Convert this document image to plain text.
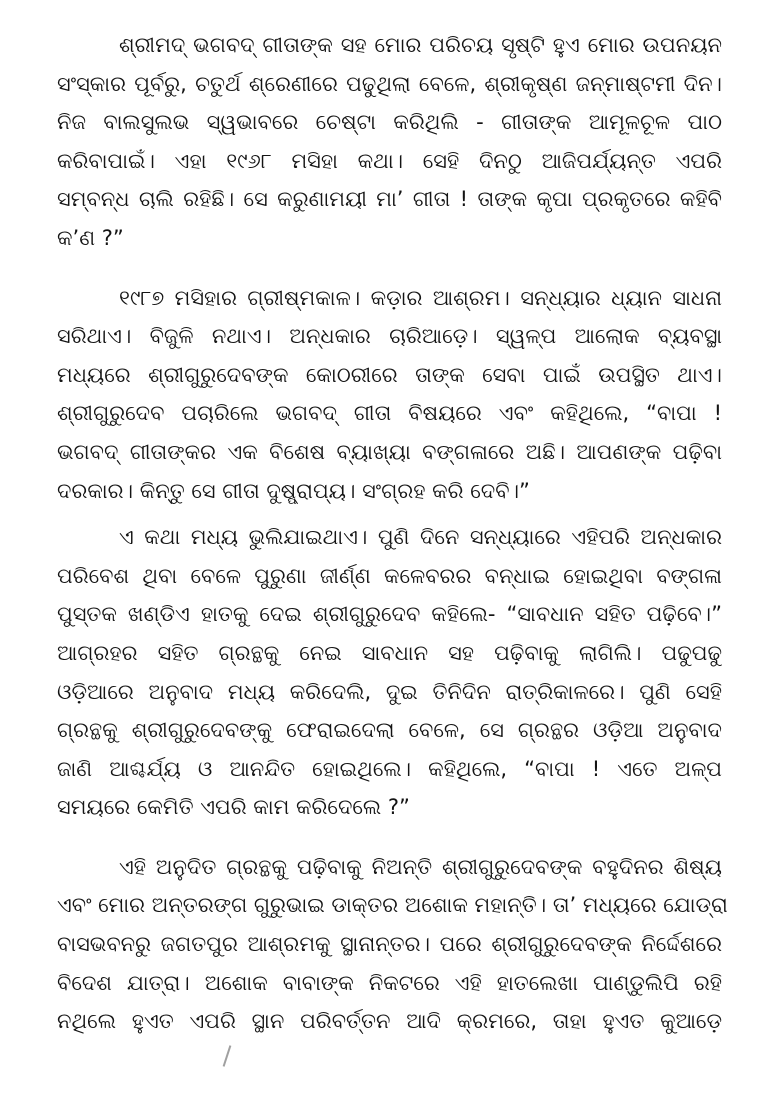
ଶ୍ରୀମଦ୍ ଭଗବଦ୍ ଗୀତାଙ୍କ ସହ ମୋର ପରିଚୟ ସୃଷ୍ଟି ହୁଏ ମୋର ଉପନୟନ
ସଂସ୍କାର ପୂର୍ବରୁ, ଚତୁର୍ଥ ଶ୍ରେଣୀରେ ପଢୁଥିଲା ବେଳେ, ଶ୍ରୀକୃଷ୍ଣ ଜନ୍ମାଷ୍ଟମୀ ଦିନ।
ନିଜ ବାଲସୁଲଭ ସ୍ୱଭାବରେ ଚେଷ୍ଟା କରିଥିଲି - ଗୀତାଙ୍କ ଆମୂଳଚୂଳ ପାଠ
କରିବାପାଇଁ। ଏହା ୧୯୬୮ ମସିହା କଥା। ସେହି ଦିନଠୁ ଆଜିପର୍ଯ୍ୟନ୍ତ ଏପରି
ସମ୍ବନ୍ଧ ଚାଲି ରହିଛି। ସେ କରୁଣାମୟୀ ମା’ ଗୀତା ! ତାଙ୍କ କୃପା ପ୍ରକୃତରେ କହିବି
କ’ଣ ?”

୧୯୮୭ ମସିହାର ଗ୍ରୀଷ୍ମକାଳ। କଡ଼ାର ଆଶ୍ରମ। ସନ୍ଧ୍ୟାର ଧ୍ୟାନ ସାଧନା
ସରିଥାଏ। ବିଜୁଳି ନଥାଏ। ଅନ୍ଧକାର ଚାରିଆଡ଼େ। ସ୍ୱଳ୍ପ ଆଲୋକ ବ୍ୟବସ୍ଥା
ମଧ୍ୟରେ ଶ୍ରୀଗୁରୁଦେବଙ୍କ କୋଠରୀରେ ତାଙ୍କ ସେବା ପାଇଁ ଉପସ୍ଥିତ ଥାଏ।
ଶ୍ରୀଗୁରୁଦେବ ପଚାରିଲେ ଭଗବଦ୍ ଗୀତା ବିଷୟରେ ଏବଂ କହିଥିଲେ, “ବାପା !
ଭଗବଦ୍ ଗୀତାଙ୍କର ଏକ ବିଶେଷ ବ୍ୟାଖ୍ୟା ବଙ୍ଗଳାରେ ଅଛି। ଆପଣଙ୍କ ପଢ଼ିବା
ଦରକାର। କିନ୍ତୁ ସେ ଗୀତା ଦୁଷ୍ପ୍ରାପ୍ୟ। ସଂଗ୍ରହ କରି ଦେବି।”

ଏ କଥା ମଧ୍ୟ ଭୁଲିଯାଇଥାଏ। ପୁଣି ଦିନେ ସନ୍ଧ୍ୟାରେ ଏହିପରି ଅନ୍ଧକାର
ପରିବେଶ ଥିବା ବେଳେ ପୁରୁଣା ଜୀର୍ଣ୍ଣ କଳେବରର ବନ୍ଧାଇ ହୋଇଥିବା ବଙ୍ଗଳା
ପୁସ୍ତକ ଖଣ୍ଡିଏ ହାତକୁ ଦେଇ ଶ୍ରୀଗୁରୁଦେବ କହିଲେ- “ସାବଧାନ ସହିତ ପଢ଼ିବେ।”
ଆଗ୍ରହର ସହିତ ଗ୍ରନ୍ଥକୁ ନେଇ ସାବଧାନ ସହ ପଢ଼ିବାକୁ ଲାଗିଲି। ପଢୁପଢୁ
ଓଡ଼ିଆରେ ଅନୁବାଦ ମଧ୍ୟ କରିଦେଲି, ଦୁଇ ତିନିଦିନ ରାତ୍ରିକାଳରେ। ପୁଣି ସେହି
ଗ୍ରନ୍ଥକୁ ଶ୍ରୀଗୁରୁଦେବଙ୍କୁ ଫେରାଇଦେଲା ବେଳେ, ସେ ଗ୍ରନ୍ଥର ଓଡ଼ିଆ ଅନୁବାଦ
ଜାଣି ଆଶ୍ଚର୍ଯ୍ୟ ଓ ଆନନ୍ଦିତ ହୋଇଥିଲେ। କହିଥିଲେ, “ବାପା ! ଏତେ ଅଳ୍ପ
ସମୟରେ କେମିତି ଏପରି କାମ କରିଦେଲେ ?”

ଏହି ଅନୁଦିତ ଗ୍ରନ୍ଥକୁ ପଢ଼ିବାକୁ ନିଅନ୍ତି ଶ୍ରୀଗୁରୁଦେବଙ୍କ ବହୁଦିନର ଶିଷ୍ୟ
ଏବଂ ମୋର ଅନ୍ତରଙ୍ଗ ଗୁରୁଭାଇ ଡାକ୍ତର ଅଶୋକ ମହାନ୍ତି। ତା’ ମଧ୍ୟରେ ଯୋଡ୍ରା
ବାସଭବନରୁ ଜଗତପୁର ଆଶ୍ରମକୁ ସ୍ଥାନାନ୍ତର। ପରେ ଶ୍ରୀଗୁରୁଦେବଙ୍କ ନିର୍ଦ୍ଦେଶରେ
ବିଦେଶ ଯାତ୍ରା। ଅଶୋକ ବାବାଙ୍କ ନିକଟରେ ଏହି ହାତଲେଖା ପାଣ୍ଡୁଲିପି ରହି
ନଥିଲେ ହୁଏତ ଏପରି ସ୍ଥାନ ପରିବର୍ତ୍ତନ ଆଦି କ୍ରମରେ, ତାହା ହୁଏତ କୁଆଡ଼େ
